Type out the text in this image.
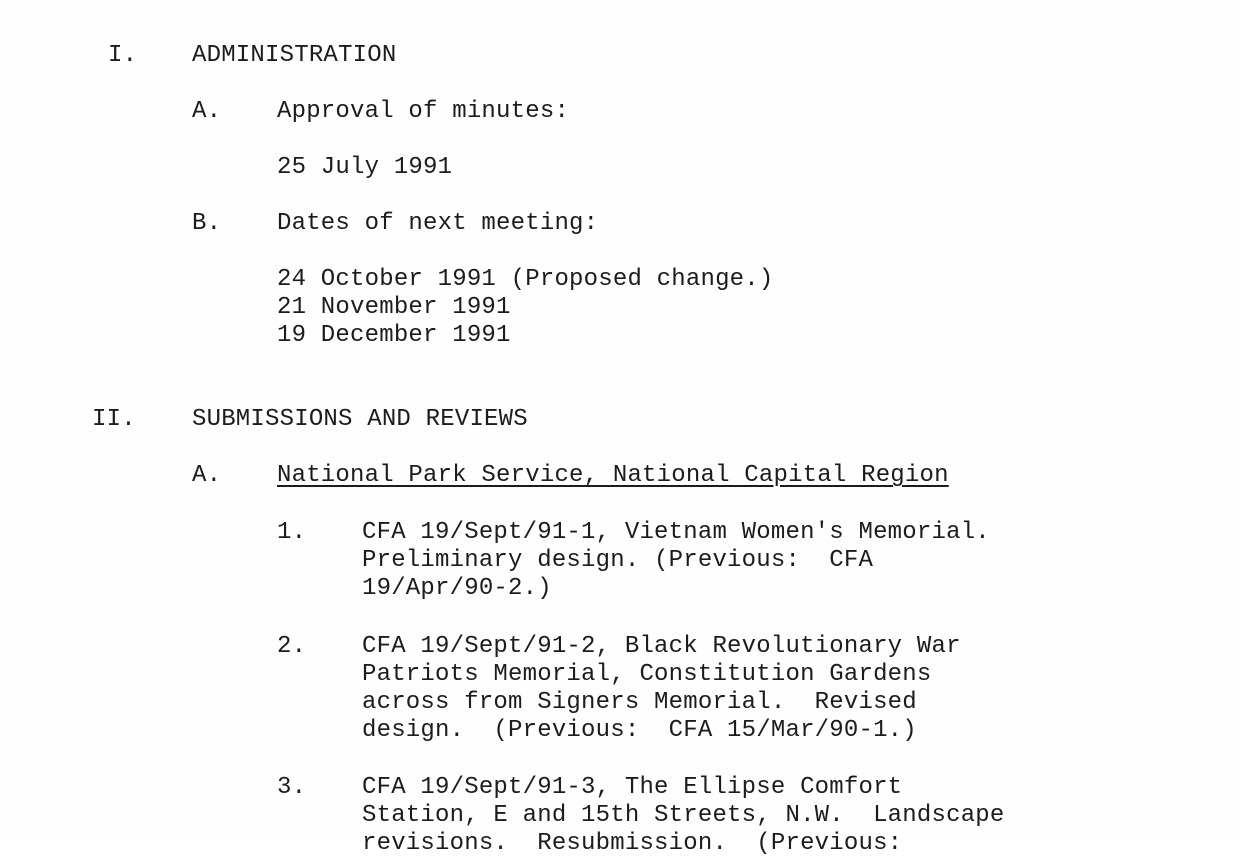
I. ADMINISTRATION
A. Approval of minutes:
25 July 1991
B. Dates of next meeting:
24 October 1991 (Proposed change.)
21 November 1991
19 December 1991
II. SUBMISSIONS AND REVIEWS
A. National Park Service, National Capital Region
1. CFA 19/Sept/91-1, Vietnam Women's Memorial.
Preliminary design. (Previous:  CFA
19/Apr/90-2.)
2. CFA 19/Sept/91-2, Black Revolutionary War
Patriots Memorial, Constitution Gardens
across from Signers Memorial.  Revised
design.  (Previous:  CFA 15/Mar/90-1.)
3. CFA 19/Sept/91-3, The Ellipse Comfort
Station, E and 15th Streets, N.W.  Landscape
revisions.  Resubmission.  (Previous:
